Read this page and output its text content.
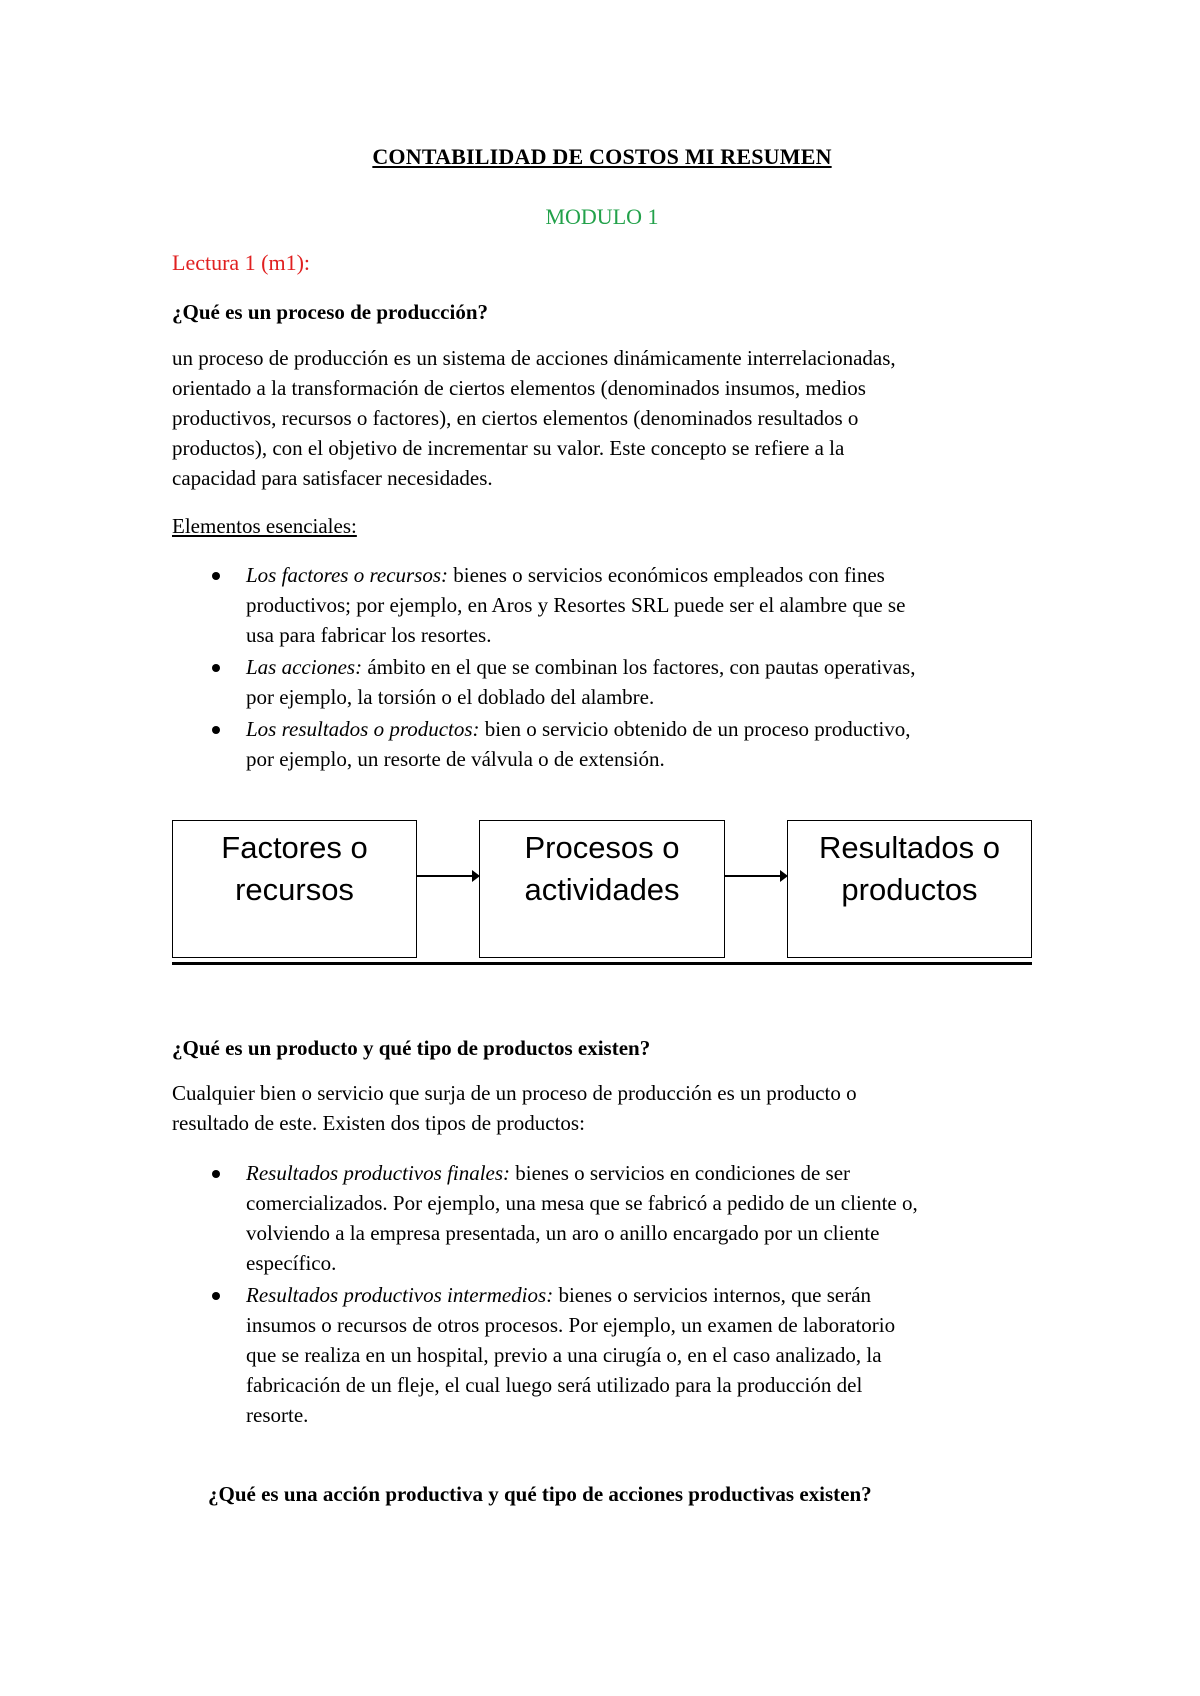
CONTABILIDAD DE COSTOS MI RESUMEN
MODULO 1
Lectura 1 (m1):
¿Qué es un proceso de producción?
un proceso de producción es un sistema de acciones dinámicamente interrelacionadas,
orientado a la transformación de ciertos elementos (denominados insumos, medios
productivos, recursos o factores), en ciertos elementos (denominados resultados o
productos), con el objetivo de incrementar su valor. Este concepto se refiere a la
capacidad para satisfacer necesidades.
Elementos esenciales:
Los factores o recursos: bienes o servicios económicos empleados con fines
productivos; por ejemplo, en Aros y Resortes SRL puede ser el alambre que se
usa para fabricar los resortes.
Las acciones: ámbito en el que se combinan los factores, con pautas operativas,
por ejemplo, la torsión o el doblado del alambre.
Los resultados o productos: bien o servicio obtenido de un proceso productivo,
por ejemplo, un resorte de válvula o de extensión.
Factores o
recursos
Procesos o
actividades
Resultados o
productos
¿Qué es un producto y qué tipo de productos existen?
Cualquier bien o servicio que surja de un proceso de producción es un producto o
resultado de este. Existen dos tipos de productos:
Resultados productivos finales: bienes o servicios en condiciones de ser
comercializados. Por ejemplo, una mesa que se fabricó a pedido de un cliente o,
volviendo a la empresa presentada, un aro o anillo encargado por un cliente
específico.
Resultados productivos intermedios: bienes o servicios internos, que serán
insumos o recursos de otros procesos. Por ejemplo, un examen de laboratorio
que se realiza en un hospital, previo a una cirugía o, en el caso analizado, la
fabricación de un fleje, el cual luego será utilizado para la producción del
resorte.
¿Qué es una acción productiva y qué tipo de acciones productivas existen?
